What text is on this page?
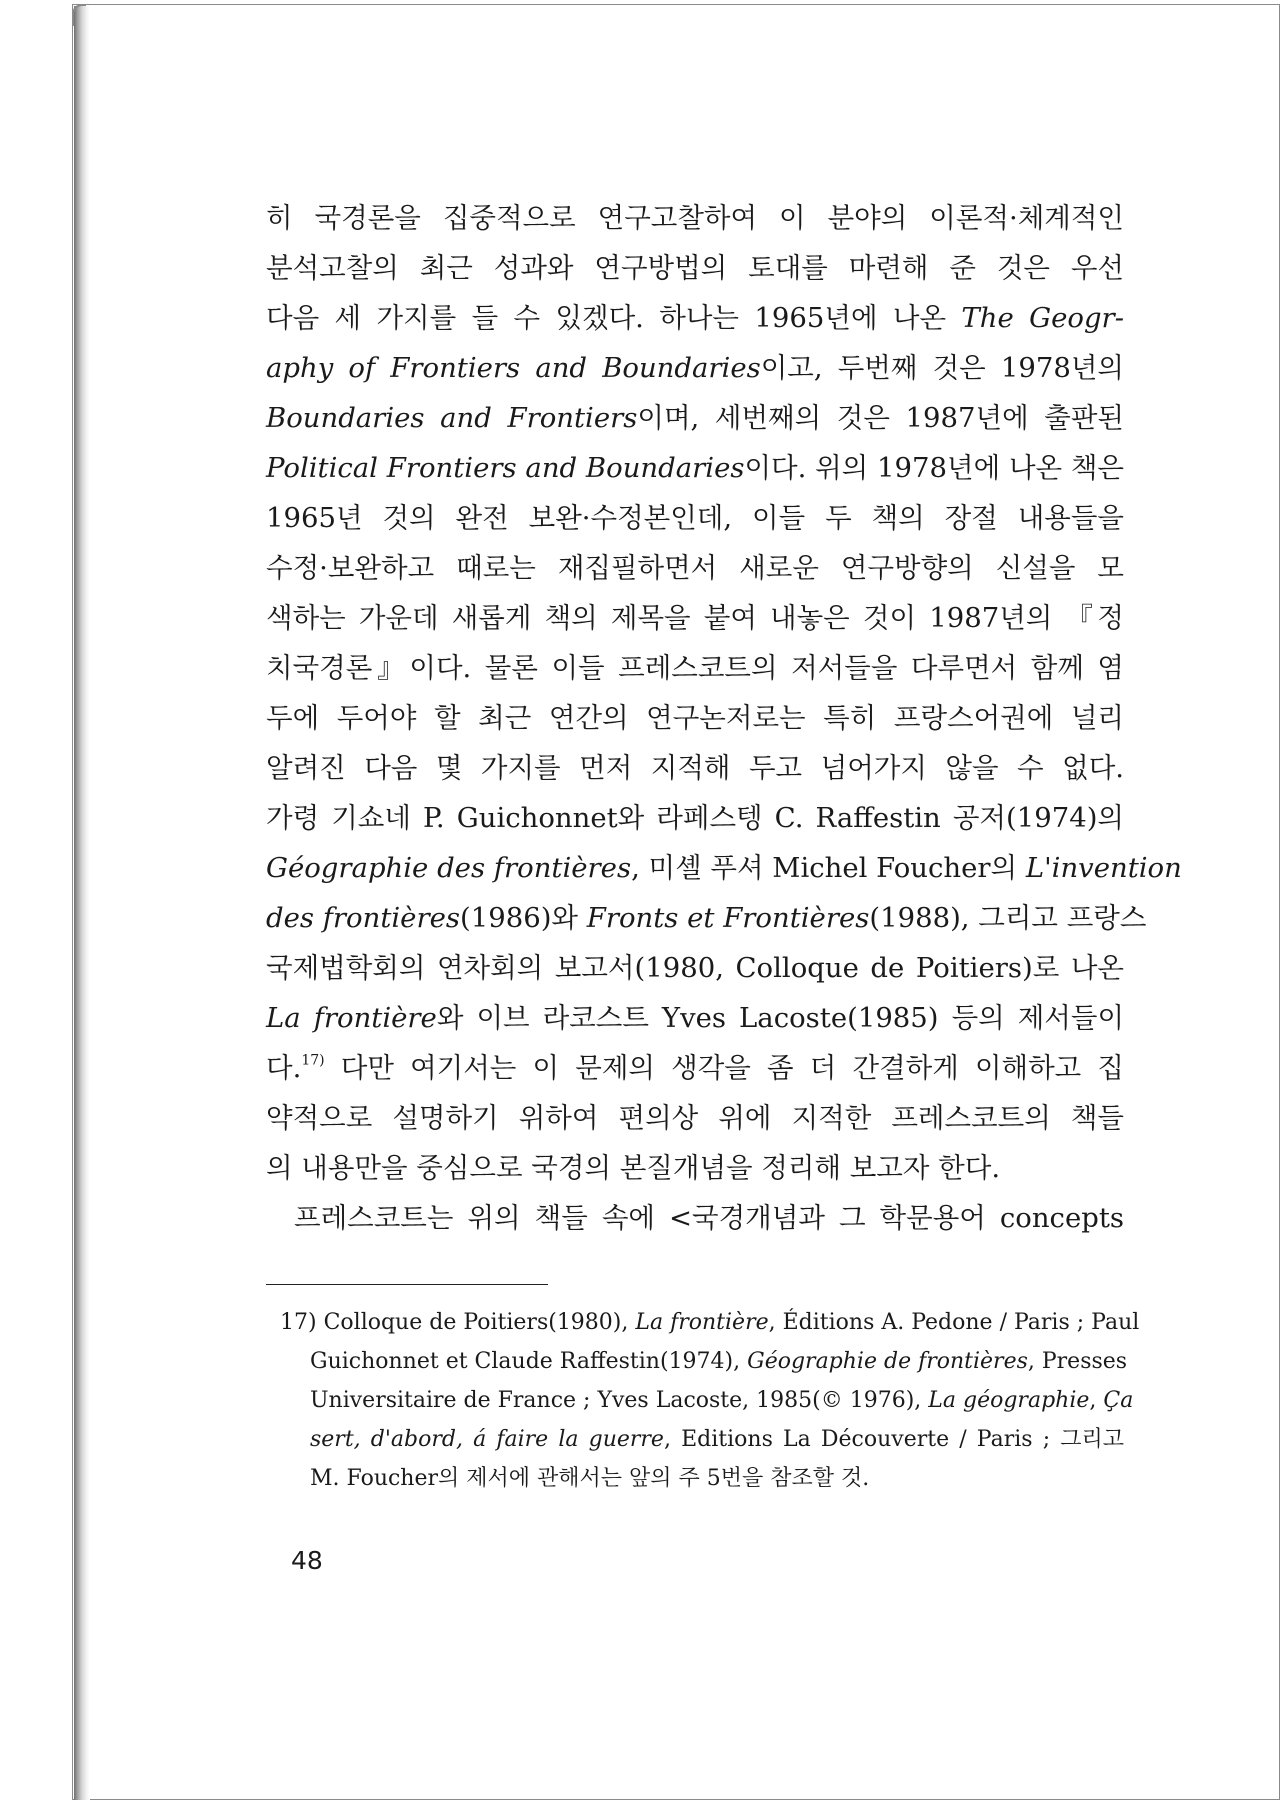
히 국경론을 집중적으로 연구고찰하여 이 분야의 이론적·체계적인
분석고찰의 최근 성과와 연구방법의 토대를 마련해 준 것은 우선
다음 세 가지를 들 수 있겠다. 하나는 1965년에 나온 The Geogr-
aphy of Frontiers and Boundaries이고, 두번째 것은 1978년의
Boundaries and Frontiers이며, 세번째의 것은 1987년에 출판된
Political Frontiers and Boundaries이다. 위의 1978년에 나온 책은
1965년 것의 완전 보완·수정본인데, 이들 두 책의 장절 내용들을
수정·보완하고 때로는 재집필하면서 새로운 연구방향의 신설을 모
색하는 가운데 새롭게 책의 제목을 붙여 내놓은 것이 1987년의 『정
치국경론』이다. 물론 이들 프레스코트의 저서들을 다루면서 함께 염
두에 두어야 할 최근 연간의 연구논저로는 특히 프랑스어권에 널리
알려진 다음 몇 가지를 먼저 지적해 두고 넘어가지 않을 수 없다.
가령 기쇼네 P. Guichonnet와 라페스텡 C. Raffestin 공저(1974)의
Géographie des frontières, 미셸 푸셔 Michel Foucher의 L'invention
des frontières(1986)와 Fronts et Frontières(1988), 그리고 프랑스
국제법학회의 연차회의 보고서(1980, Colloque de Poitiers)로 나온
La frontière와 이브 라코스트 Yves Lacoste(1985) 등의 제서들이
다.$^{17)}$ 다만 여기서는 이 문제의 생각을 좀 더 간결하게 이해하고 집
약적으로 설명하기 위하여 편의상 위에 지적한 프레스코트의 책들
의 내용만을 중심으로 국경의 본질개념을 정리해 보고자 한다.
프레스코트는 위의 책들 속에 <국경개념과 그 학문용어 concepts
17) Colloque de Poitiers(1980), La frontière, Éditions A. Pedone / Paris ; Paul
Guichonnet et Claude Raffestin(1974), Géographie de frontières, Presses
Universitaire de France ; Yves Lacoste, 1985(© 1976), La géographie, Ça
sert, d'abord, á faire la guerre, Editions La Découverte / Paris ; 그리고
M. Foucher의 제서에 관해서는 앞의 주 5번을 참조할 것.
48
